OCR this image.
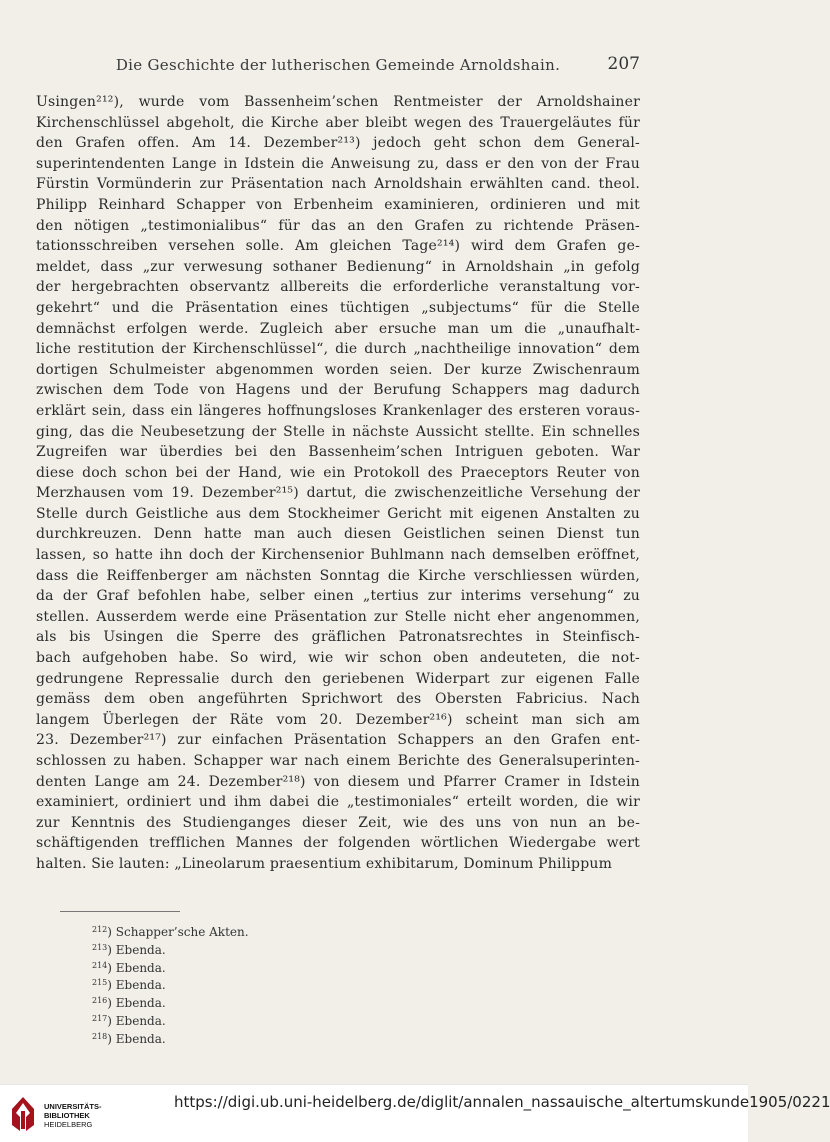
Die Geschichte der lutherischen Gemeinde Arnoldshain.	207
Usingen²¹²), wurde vom Bassenheim’schen Rentmeister der Arnoldshainer
Kirchenschlüssel abgeholt, die Kirche aber bleibt wegen des Trauergeläutes für
den Grafen offen. Am 14. Dezember²¹³) jedoch geht schon dem General-
superintendenten Lange in Idstein die Anweisung zu, dass er den von der Frau
Fürstin Vormünderin zur Präsentation nach Arnoldshain erwählten cand. theol.
Philipp Reinhard Schapper von Erbenheim examinieren, ordinieren und mit
den nötigen „testimonialibus“ für das an den Grafen zu richtende Präsen-
tationsschreiben versehen solle. Am gleichen Tage²¹⁴) wird dem Grafen ge-
meldet, dass „zur verwesung sothaner Bedienung“ in Arnoldshain „in gefolg
der hergebrachten observantz allbereits die erforderliche veranstaltung vor-
gekehrt“ und die Präsentation eines tüchtigen „subjectums“ für die Stelle
demnächst erfolgen werde. Zugleich aber ersuche man um die „unaufhalt-
liche restitution der Kirchenschlüssel“, die durch „nachtheilige innovation“ dem
dortigen Schulmeister abgenommen worden seien. Der kurze Zwischenraum
zwischen dem Tode von Hagens und der Berufung Schappers mag dadurch
erklärt sein, dass ein längeres hoffnungsloses Krankenlager des ersteren voraus-
ging, das die Neubesetzung der Stelle in nächste Aussicht stellte. Ein schnelles
Zugreifen war überdies bei den Bassenheim’schen Intriguen geboten. War
diese doch schon bei der Hand, wie ein Protokoll des Praeceptors Reuter von
Merzhausen vom 19. Dezember²¹⁵) dartut, die zwischenzeitliche Versehung der
Stelle durch Geistliche aus dem Stockheimer Gericht mit eigenen Anstalten zu
durchkreuzen. Denn hatte man auch diesen Geistlichen seinen Dienst tun
lassen, so hatte ihn doch der Kirchensenior Buhlmann nach demselben eröffnet,
dass die Reiffenberger am nächsten Sonntag die Kirche verschliessen würden,
da der Graf befohlen habe, selber einen „tertius zur interims versehung“ zu
stellen. Ausserdem werde eine Präsentation zur Stelle nicht eher angenommen,
als bis Usingen die Sperre des gräflichen Patronatsrechtes in Steinfisch-
bach aufgehoben habe. So wird, wie wir schon oben andeuteten, die not-
gedrungene Repressalie durch den geriebenen Widerpart zur eigenen Falle
gemäss dem oben angeführten Sprichwort des Obersten Fabricius. Nach
langem Überlegen der Räte vom 20. Dezember²¹⁶) scheint man sich am
23. Dezember²¹⁷) zur einfachen Präsentation Schappers an den Grafen ent-
schlossen zu haben. Schapper war nach einem Berichte des Generalsuperinten-
denten Lange am 24. Dezember²¹⁸) von diesem und Pfarrer Cramer in Idstein
examiniert, ordiniert und ihm dabei die „testimoniales“ erteilt worden, die wir
zur Kenntnis des Studienganges dieser Zeit, wie des uns von nun an be-
schäftigenden trefflichen Mannes der folgenden wörtlichen Wiedergabe wert
halten. Sie lauten: „Lineolarum praesentium exhibitarum, Dominum Philippum
$^{212}$) Schapper’sche Akten.
$^{213}$) Ebenda.
$^{214}$) Ebenda.
$^{215}$) Ebenda.
$^{216}$) Ebenda.
$^{217}$) Ebenda.
$^{218}$) Ebenda.
UNIVERSITÄTS-
BIBLIOTHEK
HEIDELBERG
https://digi.ub.uni-heidelberg.de/diglit/annalen_nassauische_altertumskunde1905/0221
